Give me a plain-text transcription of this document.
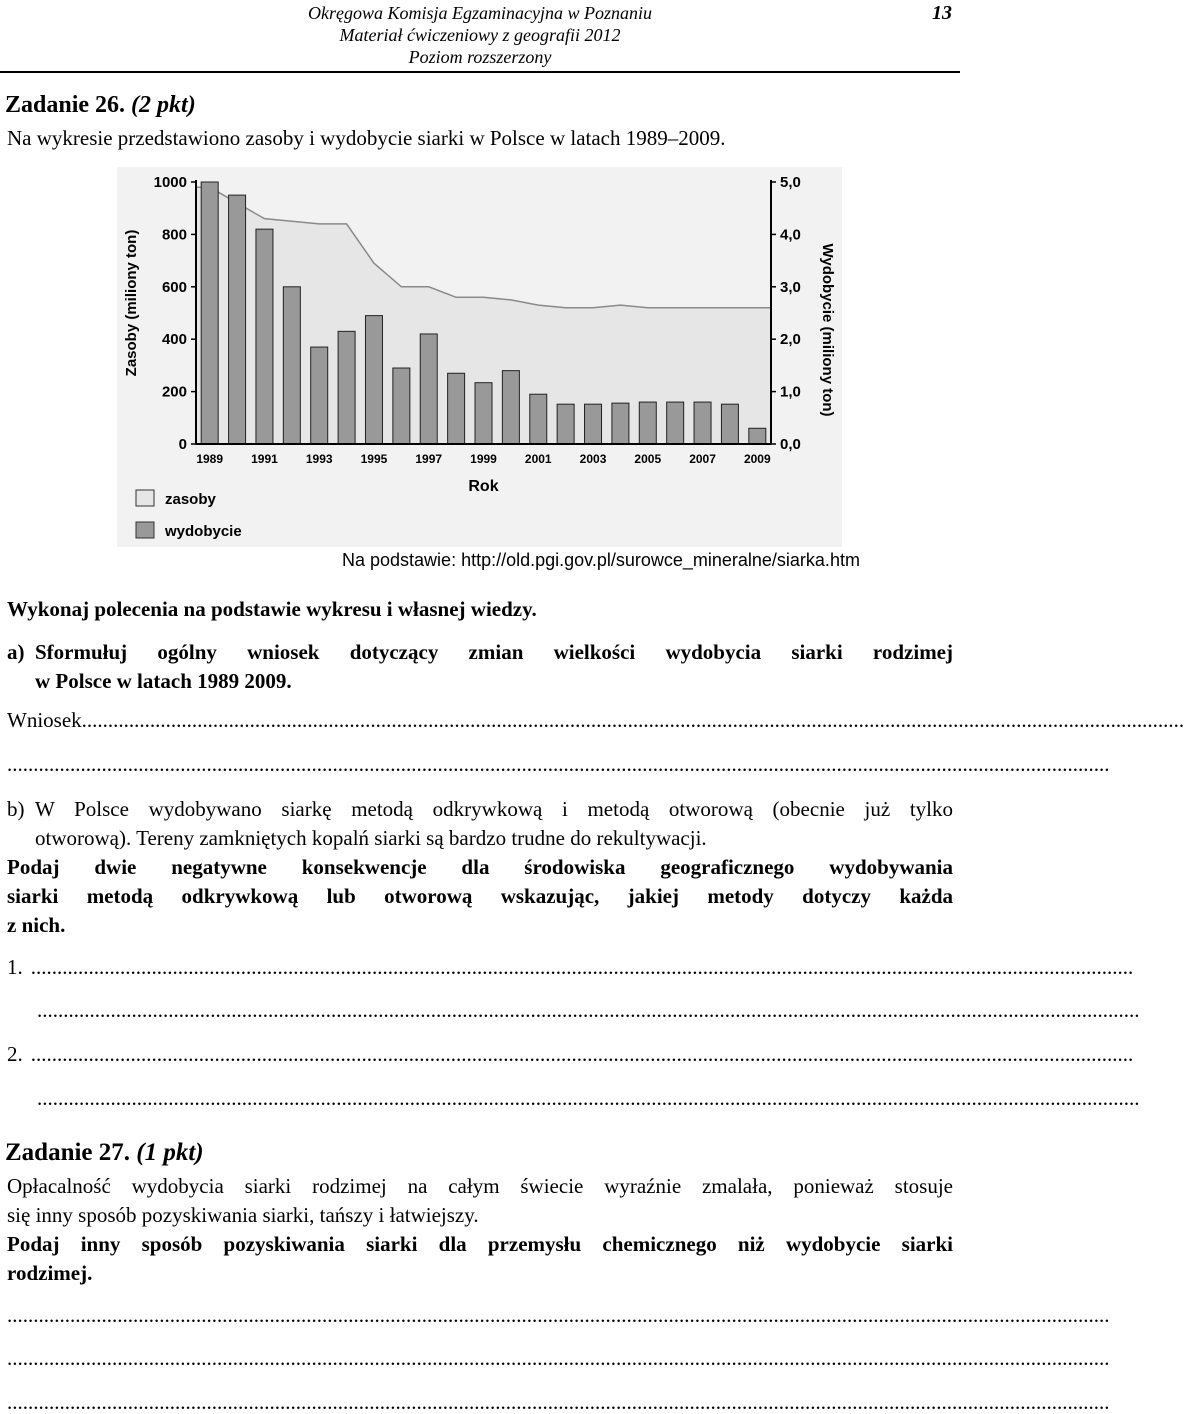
Okręgowa Komisja Egzaminacyjna w Poznaniu
Materiał ćwiczeniowy z geografii 2012
Poziom rozszerzony
13
Zadanie 26. (2 pkt)
Na wykresie przedstawiono zasoby i wydobycie siarki w Polsce w latach 1989–2009.
0
200
400
600
800
1000
0,0
1,0
2,0
3,0
4,0
5,0
1989 1991 1993 1995 1997 1999 2001 2003 2005 2007 2009
Rok
Zasoby (miliony ton)	Wydobycie (miliony ton)
zasoby
wydobycie
Na podstawie: http://old.pgi.gov.pl/surowce_mineralne/siarka.htm
Wykonaj polecenia na podstawie wykresu i własnej wiedzy.
a) Sformułuj ogólny wniosek dotyczący zmian wielkości wydobycia siarki rodzimej
w Polsce w latach 1989 2009.
Wniosek..................................................................................................................................................................................................................
..................................................................................................................................................................................................................
b) W Polsce wydobywano siarkę metodą odkrywkową i metodą otworową (obecnie już tylko
otworową). Tereny zamkniętych kopalń siarki są bardzo trudne do rekultywacji.
Podaj dwie negatywne konsekwencje dla środowiska geograficznego wydobywania
siarki metodą odkrywkową lub otworową wskazując, jakiej metody dotyczy każda
z nich.
1. ..................................................................................................................................................................................................................
..................................................................................................................................................................................................................
2. ..................................................................................................................................................................................................................
..................................................................................................................................................................................................................
Zadanie 27. (1 pkt)
Opłacalność wydobycia siarki rodzimej na całym świecie wyraźnie zmalała, ponieważ stosuje
się inny sposób pozyskiwania siarki, tańszy i łatwiejszy.
Podaj inny sposób pozyskiwania siarki dla przemysłu chemicznego niż wydobycie siarki
rodzimej.
..................................................................................................................................................................................................................
..................................................................................................................................................................................................................
..................................................................................................................................................................................................................
